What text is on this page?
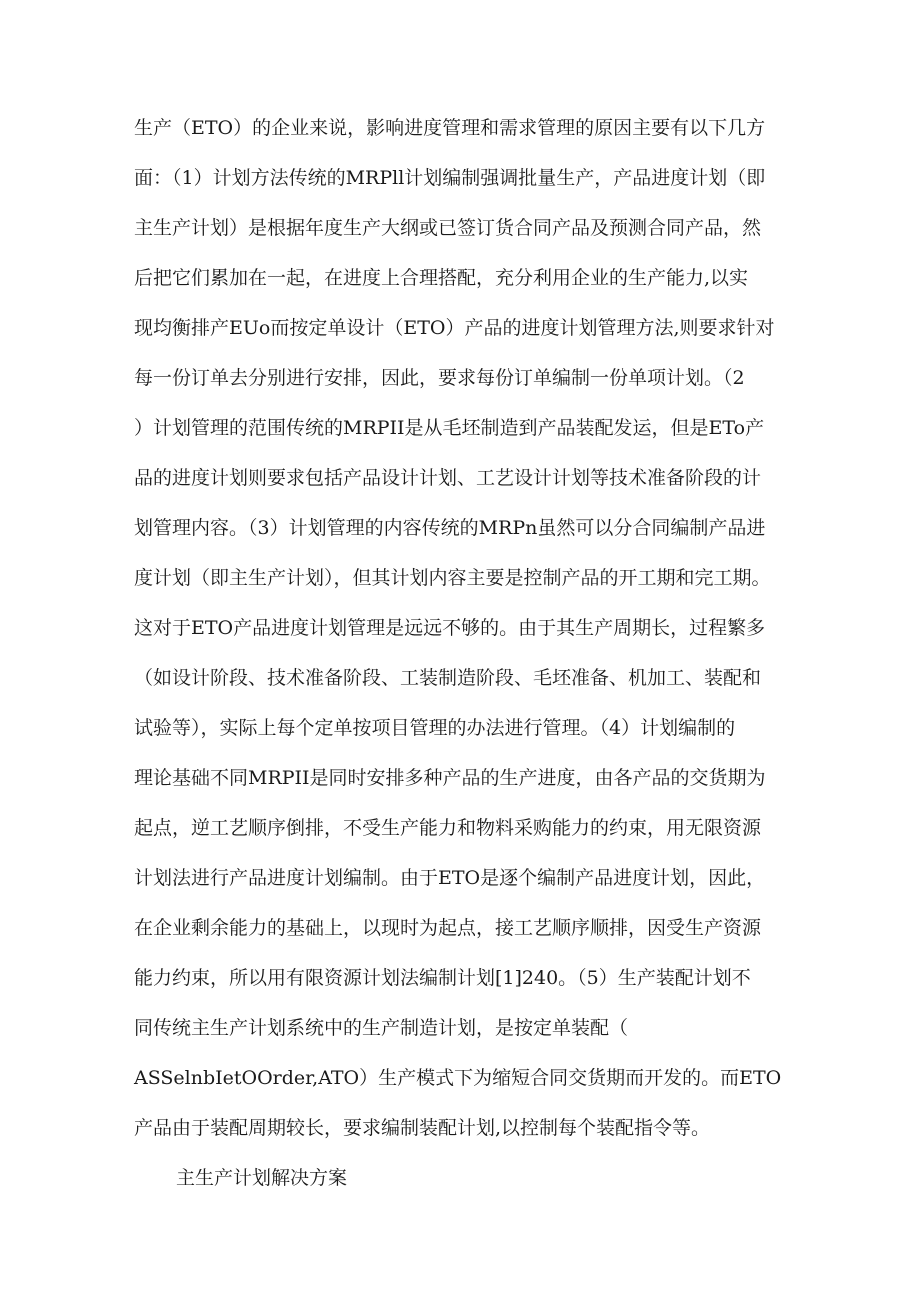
生产（ETO）的企业来说，影响进度管理和需求管理的原因主要有以下几方
面：（1）计划方法传统的MRPll计划编制强调批量生产，产品进度计划（即
主生产计划）是根据年度生产大纲或已签订货合同产品及预测合同产品，然
后把它们累加在一起，在进度上合理搭配，充分利用企业的生产能力,以实
现均衡排产EUo而按定单设计（ETO）产品的进度计划管理方法,则要求针对
每一份订单去分别进行安排，因此，要求每份订单编制一份单项计划。（2
）计划管理的范围传统的MRPII是从毛坯制造到产品装配发运，但是ETo产
品的进度计划则要求包括产品设计计划、工艺设计计划等技术准备阶段的计
划管理内容。（3）计划管理的内容传统的MRPn虽然可以分合同编制产品进
度计划（即主生产计划），但其计划内容主要是控制产品的开工期和完工期。
这对于ETO产品进度计划管理是远远不够的。由于其生产周期长，过程繁多
（如设计阶段、技术准备阶段、工装制造阶段、毛坯准备、机加工、装配和
试验等），实际上每个定单按项目管理的办法进行管理。（4）计划编制的
理论基础不同MRPII是同时安排多种产品的生产进度，由各产品的交货期为
起点，逆工艺顺序倒排，不受生产能力和物料采购能力的约束，用无限资源
计划法进行产品进度计划编制。由于ETO是逐个编制产品进度计划，因此，
在企业剩余能力的基础上，以现时为起点，接工艺顺序顺排，因受生产资源
能力约束，所以用有限资源计划法编制计划[1]240。（5）生产装配计划不
同传统主生产计划系统中的生产制造计划，是按定单装配（
ASSelnbIetOOrder,ATO）生产模式下为缩短合同交货期而开发的。而ETO
产品由于装配周期较长，要求编制装配计划,以控制每个装配指令等。
主生产计划解决方案
